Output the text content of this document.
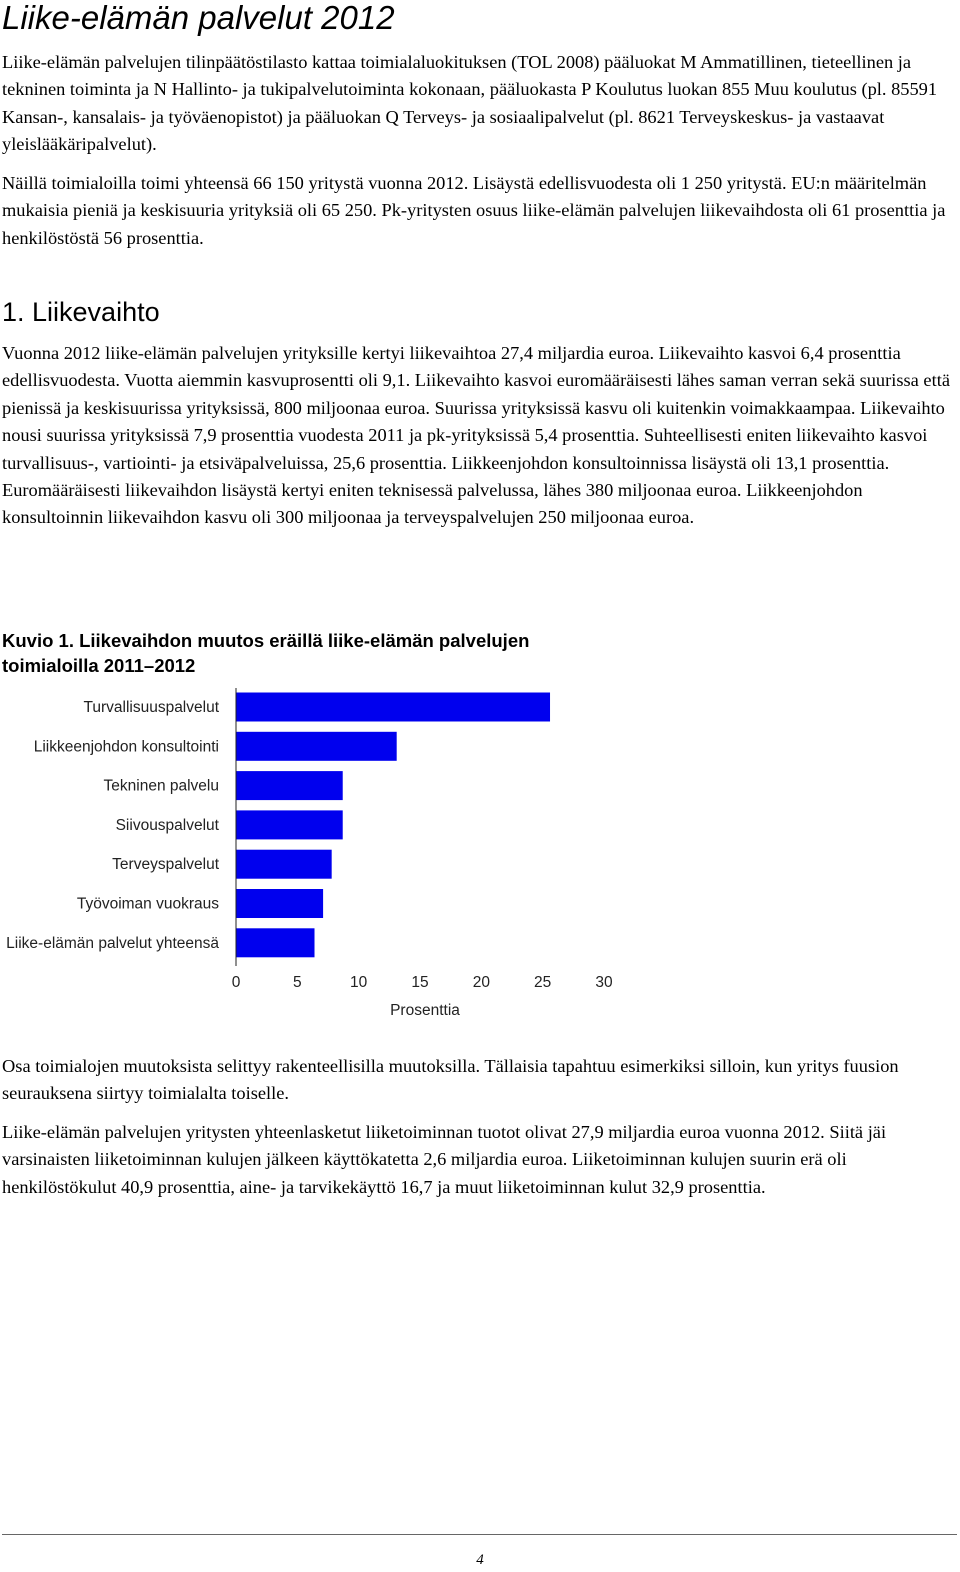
Liike-elämän palvelut 2012

Liike-elämän palvelujen tilinpäätöstilasto kattaa toimialaluokituksen (TOL 2008) pääluokat M Ammatillinen, tieteellinen ja tekninen toiminta ja N Hallinto- ja tukipalvelutoiminta kokonaan, pääluokasta P Koulutus luokan 855 Muu koulutus (pl. 85591 Kansan-, kansalais- ja työväenopistot) ja pääluokan Q Terveys- ja sosiaalipalvelut (pl. 8621 Terveyskeskus- ja vastaavat yleislääkäripalvelut).

Näillä toimialoilla toimi yhteensä 66 150 yritystä vuonna 2012. Lisäystä edellisvuodesta oli 1 250 yritystä. EU:n määritelmän mukaisia pieniä ja keskisuuria yrityksiä oli 65 250. Pk-yritysten osuus liike-elämän palvelujen liikevaihdosta oli 61 prosenttia ja henkilöstöstä 56 prosenttia.

1. Liikevaihto

Vuonna 2012 liike-elämän palvelujen yrityksille kertyi liikevaihtoa 27,4 miljardia euroa. Liikevaihto kasvoi 6,4 prosenttia edellisvuodesta. Vuotta aiemmin kasvuprosentti oli 9,1. Liikevaihto kasvoi euromääräisesti lähes saman verran sekä suurissa että pienissä ja keskisuurissa yrityksissä, 800 miljoonaa euroa. Suurissa yrityksissä kasvu oli kuitenkin voimakkaampaa. Liikevaihto nousi suurissa yrityksissä 7,9 prosenttia vuodesta 2011 ja pk-yrityksissä 5,4 prosenttia. Suhteellisesti eniten liikevaihto kasvoi turvallisuus-, vartiointi- ja etsiväpalveluissa, 25,6 prosenttia. Liikkeenjohdon konsultoinnissa lisäystä oli 13,1 prosenttia. Euromääräisesti liikevaihdon lisäystä kertyi eniten teknisessä palvelussa, lähes 380 miljoonaa euroa. Liikkeenjohdon konsultoinnin liikevaihdon kasvu oli 300 miljoonaa ja terveyspalvelujen 250 miljoonaa euroa.

Kuvio 1. Liikevaihdon muutos eräillä liike-elämän palvelujen
toimialoilla 2011–2012
Turvallisuuspalvelut
Liikkeenjohdon konsultointi
Tekninen palvelu
Siivouspalvelut
Terveyspalvelut
Työvoiman vuokraus
Liike-elämän palvelut yhteensä
0	5	10	15	20	25	30
Prosenttia

Osa toimialojen muutoksista selittyy rakenteellisilla muutoksilla. Tällaisia tapahtuu esimerkiksi silloin, kun yritys fuusion seurauksena siirtyy toimialalta toiselle.

Liike-elämän palvelujen yritysten yhteenlasketut liiketoiminnan tuotot olivat 27,9 miljardia euroa vuonna 2012. Siitä jäi varsinaisten liiketoiminnan kulujen jälkeen käyttökatetta 2,6 miljardia euroa. Liiketoiminnan kulujen suurin erä oli henkilöstökulut 40,9 prosenttia, aine- ja tarvikekäyttö 16,7 ja muut liiketoiminnan kulut 32,9 prosenttia.

4
